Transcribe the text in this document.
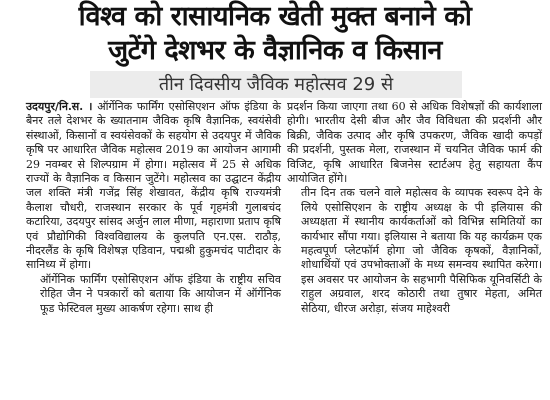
विश्व को रासायनिक खेती मुक्त बनाने को
जुटेंगे देशभर के वैज्ञानिक व किसान
तीन दिवसीय जैविक महोत्सव 29 से

उदयपुर/नि.स. । ऑर्गेनिक फार्मिंग एसोसिएशन ऑफ इंडिया के बैनर तले देशभर के ख्यातनाम जैविक कृषि वैज्ञानिक, स्वयंसेवी संस्थाओं, किसानों व स्वयंसेवकों के सहयोग से उदयपुर में जैविक कृषि पर आधारित जैविक महोत्सव 2019 का आयोजन आगामी 29 नवम्बर से शिल्पग्राम में होगा। महोत्सव में 25 से अधिक राज्यों के वैज्ञानिक व किसान जुटेंगे। महोत्सव का उद्घाटन केंद्रीय जल शक्ति मंत्री गजेंद्र सिंह शेखावत, केंद्रीय कृषि राज्यमंत्री कैलाश चौधरी, राजस्थान सरकार के पूर्व गृहमंत्री गुलाबचंद कटारिया, उदयपुर सांसद अर्जुन लाल मीणा, महाराणा प्रताप कृषि एवं प्रौद्योगिकी विश्वविद्यालय के कुलपति एन.एस. राठौड़, नीदरलैंड के कृषि विशेषज्ञ एडिवान, पद्मश्री हुकुमचंद पाटीदार के सानिध्य में होगा।

ऑर्गेनिक फार्मिंग एसोसिएशन ऑफ इंडिया के राष्ट्रीय सचिव रोहित जैन ने पत्रकारों को बताया कि आयोजन में ऑर्गेनिक फूड फेस्टिवल मुख्य आकर्षण रहेगा। साथ ही

प्रदर्शन किया जाएगा तथा 60 से अधिक विशेषज्ञों की कार्यशाला होगी। भारतीय देसी बीज और जैव विविधता की प्रदर्शनी और बिक्री, जैविक उत्पाद और कृषि उपकरण, जैविक खादी कपड़ों की प्रदर्शनी, पुस्तक मेला, राजस्थान में चयनित जैविक फार्म की विजिट, कृषि आधारित बिजनेस स्टार्टअप हेतु सहायता कैंप आयोजित होंगे।

तीन दिन तक चलने वाले महोत्सव के व्यापक स्वरूप देने के लिये एसोसिएशन के राष्ट्रीय अध्यक्ष के पी इलियास की अध्यक्षता में स्थानीय कार्यकर्ताओं को विभिन्न समितियों का कार्यभार सौंपा गया। इलियास ने बताया कि यह कार्यक्रम एक महत्वपूर्ण प्लेटफॉर्म होगा जो जैविक कृषकों, वैज्ञानिकों, शोधार्थियों एवं उपभोक्ताओं के मध्य समन्वय स्थापित करेगा। इस अवसर पर आयोजन के सहभागी पैसिफिक यूनिवर्सिटी के राहुल अग्रवाल, शरद कोठारी तथा तुषार मेहता, अमित सेठिया, धीरज अरोड़ा, संजय माहेश्वरी
